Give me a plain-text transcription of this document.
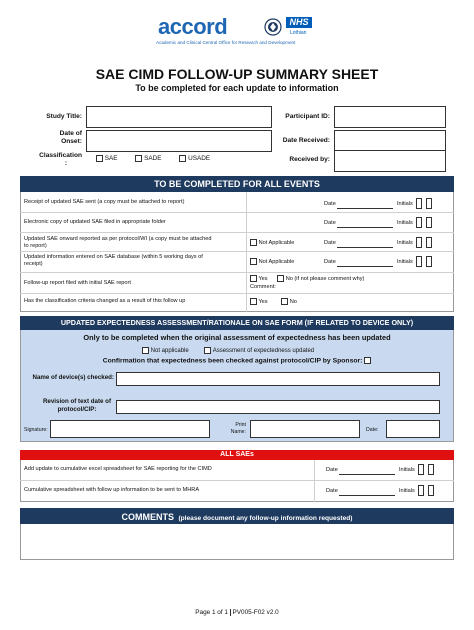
accord
Academic and Clinical Central Office for Research and Development
NHS
Lothian
SAE CIMD FOLLOW-UP SUMMARY SHEET
To be completed for each update to information
Study Title:	Participant ID:
Date of
Onset:	Date Received:
Classification
:
SAE	SADE	USADE	Received by:
TO BE COMPLETED FOR ALL EVENTS
Receipt of updated SAE sent (a copy must be attached to report)	Date	Initials
Electronic copy of updated SAE filed in appropriate folder	Date	Initials
Updated SAE onward reported as per protocol/WI (a copy must be attached
to report)
Not Applicable	Date	Initials
Updated information entered on SAE database (within 5 working days of
receipt)	Not Applicable	Date	Initials
Follow-up report filed with initial SAE report
Yes	No (if not please comment why)
Comment:
Has the classification criteria changed as a result of this follow up	Yes	No
UPDATED EXPECTEDNESS ASSESSMENT/RATIONALE ON SAE FORM (IF RELATED TO DEVICE ONLY)
Only to be completed when the original assessment of expectedness has been updated
Not applicable	Assessment of expectedness updated
Confirmation that expectedness been checked against protocol/CIP by Sponsor:
Name of device(s) checked:
Revision of text date of
protocol/CIP:
Signature:
Print
Name:	Date:
ALL SAEs
Add update to cumulative excel spreadsheet for SAE reporting for the CIMD	Date	Initials
Cumulative spreadsheet with follow up information to be sent to MHRA	Date	Initials
COMMENTS (please document any follow-up information requested)
Page 1 of 1 PV005-F02 v2.0
